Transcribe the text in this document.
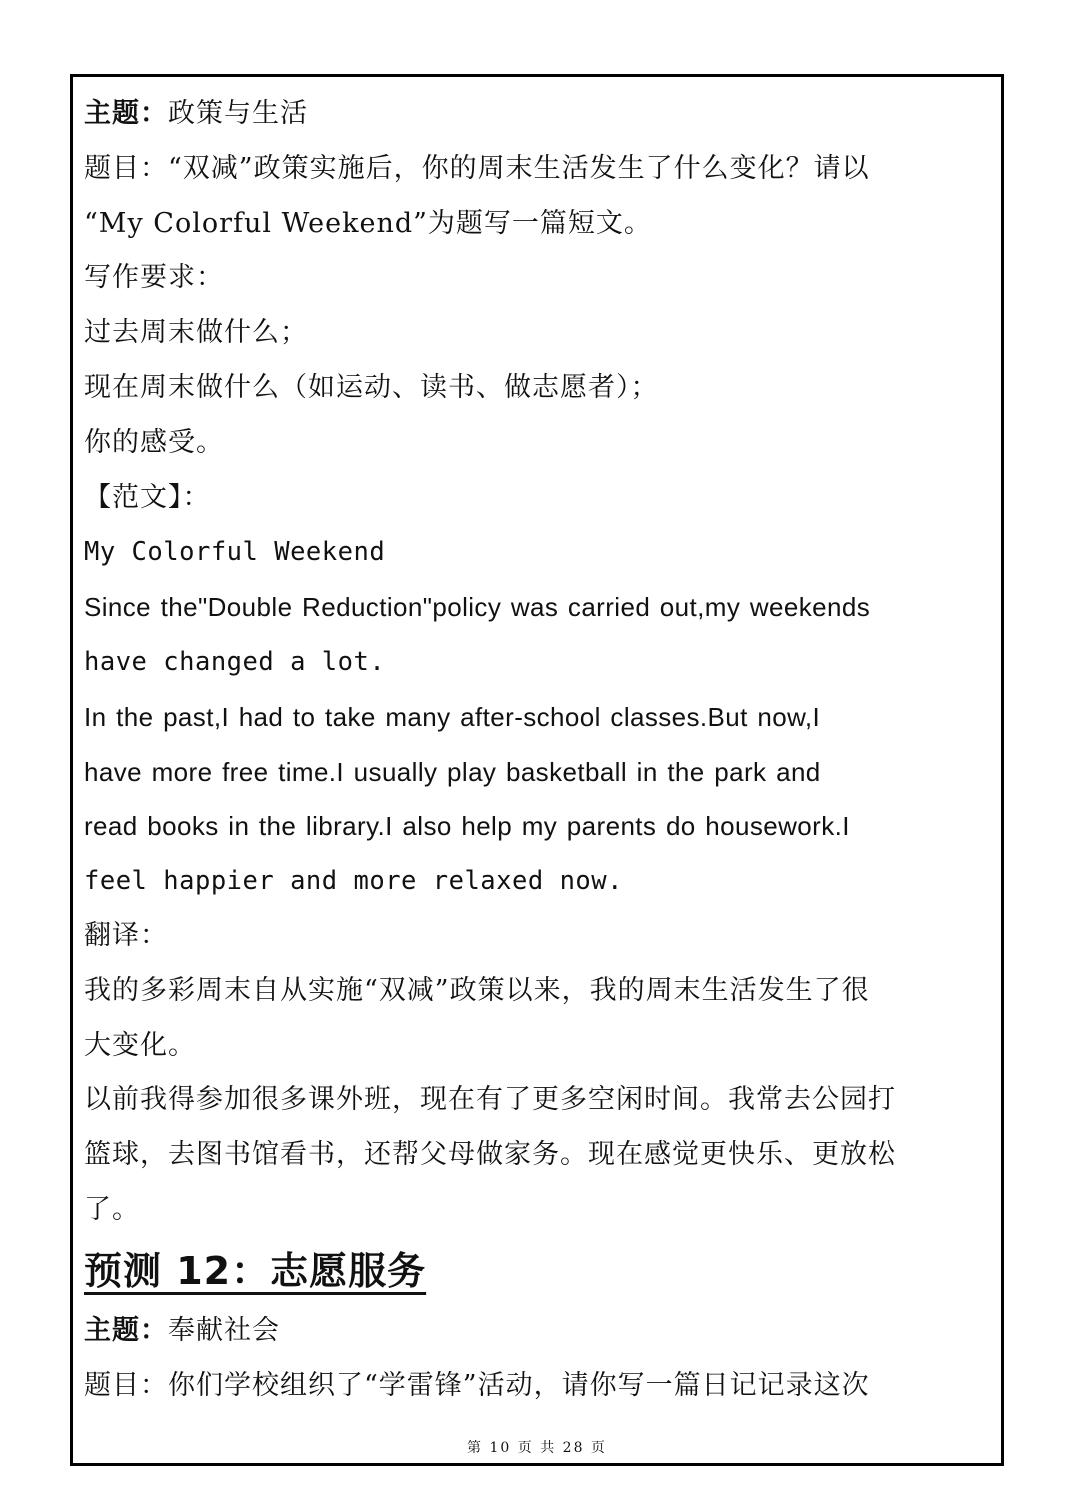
主题：政策与生活
题目：“双减”政策实施后，你的周末生活发生了什么变化？请以
“My Colorful Weekend”为题写一篇短文。
写作要求：
过去周末做什么；
现在周末做什么（如运动、读书、做志愿者）；
你的感受。
【范文】：
My Colorful Weekend
Since the"Double Reduction"policy was carried out,my weekends
have changed a lot.
In the past,I had to take many after-school classes.But now,I
have more free time.I usually play basketball in the park and
read books in the library.I also help my parents do housework.I
feel happier and more relaxed now.
翻译：
我的多彩周末自从实施“双减”政策以来，我的周末生活发生了很
大变化。
以前我得参加很多课外班，现在有了更多空闲时间。我常去公园打
篮球，去图书馆看书，还帮父母做家务。现在感觉更快乐、更放松
了。
预测 12：志愿服务
主题：奉献社会
题目：你们学校组织了“学雷锋”活动，请你写一篇日记记录这次
第 10 页 共 28 页
